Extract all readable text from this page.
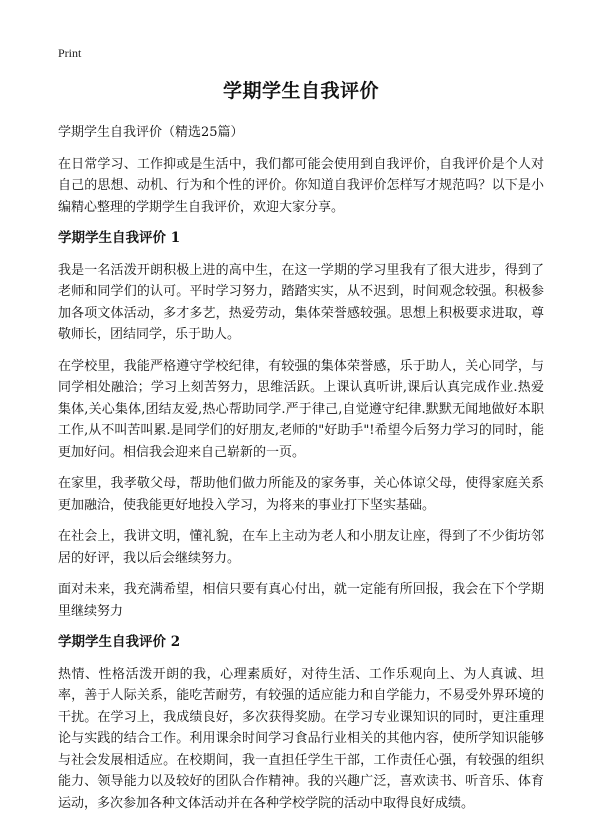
Print
学期学生自我评价

学期学生自我评价（精选25篇）

在日常学习、工作抑或是生活中，我们都可能会使用到自我评价，自我评价是个人对自己的思想、动机、行为和个性的评价。你知道自我评价怎样写才规范吗？以下是小编精心整理的学期学生自我评价，欢迎大家分享。

学期学生自我评价 1

我是一名活泼开朗积极上进的高中生，在这一学期的学习里我有了很大进步，得到了老师和同学们的认可。平时学习努力，踏踏实实，从不迟到，时间观念较强。积极参加各项文体活动，多才多艺，热爱劳动，集体荣誉感较强。思想上积极要求进取，尊敬师长，团结同学，乐于助人。

在学校里，我能严格遵守学校纪律，有较强的集体荣誉感，乐于助人，关心同学，与同学相处融洽；学习上刻苦努力，思维活跃。上课认真听讲,课后认真完成作业.热爱集体,关心集体,团结友爱,热心帮助同学.严于律己,自觉遵守纪律.默默无闻地做好本职工作,从不叫苦叫累.是同学们的好朋友,老师的"好助手"!希望今后努力学习的同时，能更加好问。相信我会迎来自己崭新的一页。

在家里，我孝敬父母，帮助他们做力所能及的家务事，关心体谅父母，使得家庭关系更加融洽，使我能更好地投入学习，为将来的事业打下坚实基础。

在社会上，我讲文明，懂礼貌，在车上主动为老人和小朋友让座，得到了不少街坊邻居的好评，我以后会继续努力。

面对未来，我充满希望，相信只要有真心付出，就一定能有所回报，我会在下个学期里继续努力

学期学生自我评价 2

热情、性格活泼开朗的我，心理素质好，对待生活、工作乐观向上、为人真诚、坦率，善于人际关系，能吃苦耐劳，有较强的适应能力和自学能力，不易受外界环境的干扰。在学习上，我成绩良好，多次获得奖励。在学习专业课知识的同时，更注重理论与实践的结合工作。利用课余时间学习食品行业相关的其他内容，使所学知识能够与社会发展相适应。在校期间，我一直担任学生干部，工作责任心强，有较强的组织能力、领导能力以及较好的团队合作精神。我的兴趣广泛，喜欢读书、听音乐、体育运动，多次参加各种文体活动并在各种学校学院的活动中取得良好成绩。
